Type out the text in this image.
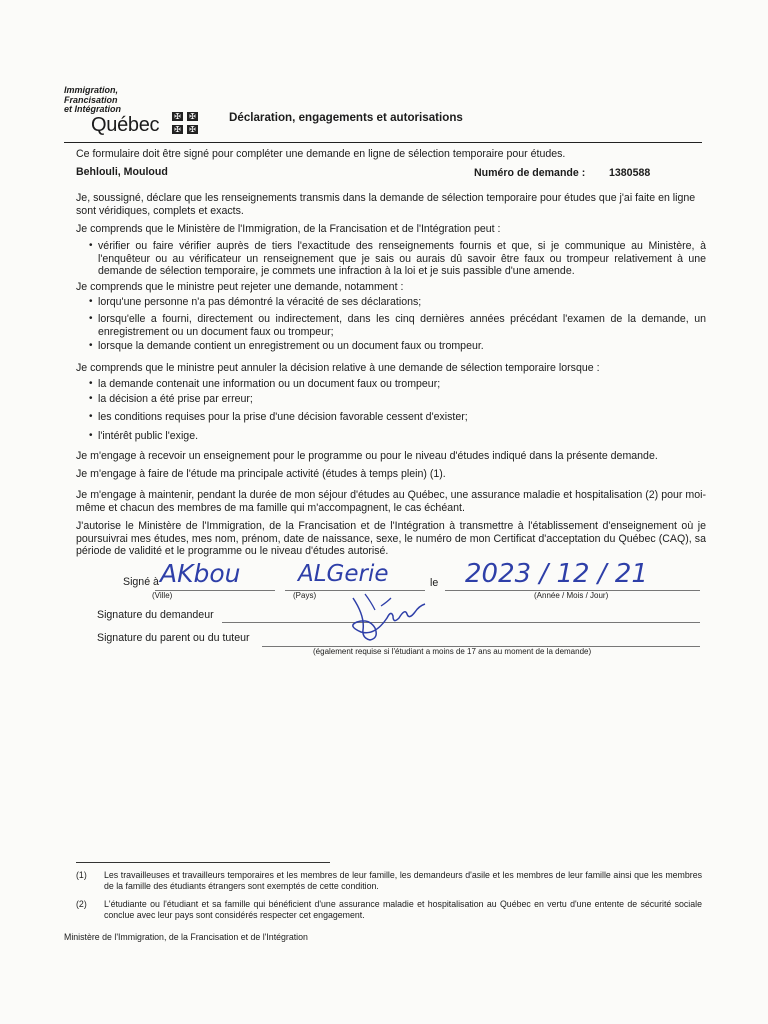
Immigration,
Francisation
et Intégration
Québec ✠ ✠
✠ ✠
Déclaration, engagements et autorisations
Ce formulaire doit être signé pour compléter une demande en ligne de sélection temporaire pour études.
Behlouli, Mouloud	Numéro de demande : 1380588
Je, soussigné, déclare que les renseignements transmis dans la demande de sélection temporaire pour études que j'ai faite en ligne sont véridiques, complets et exacts.
Je comprends que le Ministère de l'Immigration, de la Francisation et de l'Intégration peut :
• vérifier ou faire vérifier auprès de tiers l'exactitude des renseignements fournis et que, si je communique au Ministère, à l'enquêteur ou au vérificateur un renseignement que je sais ou aurais dû savoir être faux ou trompeur relativement à une demande de sélection temporaire, je commets une infraction à la loi et je suis passible d'une amende.
Je comprends que le ministre peut rejeter une demande, notamment :
• lorqu'une personne n'a pas démontré la véracité de ses déclarations;
• lorsqu'elle a fourni, directement ou indirectement, dans les cinq dernières années précédant l'examen de la demande, un enregistrement ou un document faux ou trompeur;
• lorsque la demande contient un enregistrement ou un document faux ou trompeur.
Je comprends que le ministre peut annuler la décision relative à une demande de sélection temporaire lorsque :
• la demande contenait une information ou un document faux ou trompeur;
• la décision a été prise par erreur;
• les conditions requises pour la prise d'une décision favorable cessent d'exister;
• l'intérêt public l'exige.
Je m'engage à recevoir un enseignement pour le programme ou pour le niveau d'études indiqué dans la présente demande.
Je m'engage à faire de l'étude ma principale activité (études à temps plein) (1).
Je m'engage à maintenir, pendant la durée de mon séjour d'études au Québec, une assurance maladie et hospitalisation (2) pour moi-même et chacun des membres de ma famille qui m'accompagnent, le cas échéant.
J'autorise le Ministère de l'Immigration, de la Francisation et de l'Intégration à transmettre à l'établissement d'enseignement où je poursuivrai mes études, mes nom, prénom, date de naissance, sexe, le numéro de mon Certificat d'acceptation du Québec (CAQ), sa période de validité et le programme ou le niveau d'études autorisé.
Signé à AKbou
(Ville)
ALGerie
(Pays)
le 2023 / 12 / 21
(Année / Mois / Jour)
Signature du demandeur
Signature du parent ou du tuteur
(également requise si l'étudiant a moins de 17 ans au moment de la demande)
(1) Les travailleuses et travailleurs temporaires et les membres de leur famille, les demandeurs d'asile et les membres de leur famille ainsi que les membres de la famille des étudiants étrangers sont exemptés de cette condition.
(2) L'étudiante ou l'étudiant et sa famille qui bénéficient d'une assurance maladie et hospitalisation au Québec en vertu d'une entente de sécurité sociale conclue avec leur pays sont considérés respecter cet engagement.
Ministère de l'Immigration, de la Francisation et de l'Intégration
